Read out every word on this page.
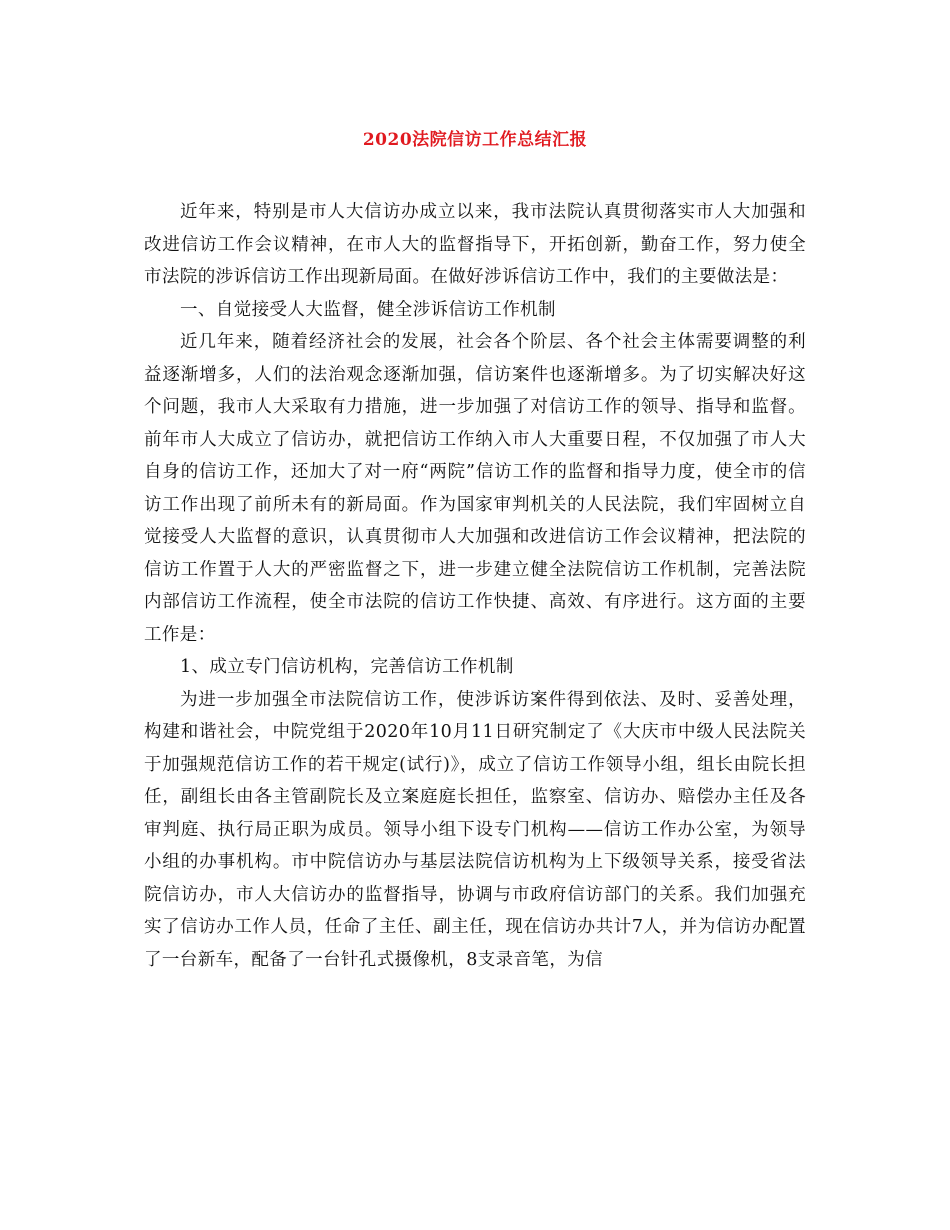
2020法院信访工作总结汇报

近年来，特别是市人大信访办成立以来，我市法院认真贯彻落实市人大加强和改进信访工作会议精神，在市人大的监督指导下，开拓创新，勤奋工作，努力使全市法院的涉诉信访工作出现新局面。在做好涉诉信访工作中，我们的主要做法是：

一、自觉接受人大监督，健全涉诉信访工作机制

近几年来，随着经济社会的发展，社会各个阶层、各个社会主体需要调整的利益逐渐增多，人们的法治观念逐渐加强，信访案件也逐渐增多。为了切实解决好这个问题，我市人大采取有力措施，进一步加强了对信访工作的领导、指导和监督。前年市人大成立了信访办，就把信访工作纳入市人大重要日程，不仅加强了市人大自身的信访工作，还加大了对一府“两院”信访工作的监督和指导力度，使全市的信访工作出现了前所未有的新局面。作为国家审判机关的人民法院，我们牢固树立自觉接受人大监督的意识，认真贯彻市人大加强和改进信访工作会议精神，把法院的信访工作置于人大的严密监督之下，进一步建立健全法院信访工作机制，完善法院内部信访工作流程，使全市法院的信访工作快捷、高效、有序进行。这方面的主要工作是：

1、成立专门信访机构，完善信访工作机制

为进一步加强全市法院信访工作，使涉诉访案件得到依法、及时、妥善处理，构建和谐社会，中院党组于2020年10月11日研究制定了《大庆市中级人民法院关于加强规范信访工作的若干规定(试行)》，成立了信访工作领导小组，组长由院长担任，副组长由各主管副院长及立案庭庭长担任，监察室、信访办、赔偿办主任及各审判庭、执行局正职为成员。领导小组下设专门机构——信访工作办公室，为领导小组的办事机构。市中院信访办与基层法院信访机构为上下级领导关系，接受省法院信访办，市人大信访办的监督指导，协调与市政府信访部门的关系。我们加强充实了信访办工作人员，任命了主任、副主任，现在信访办共计7人，并为信访办配置了一台新车，配备了一台针孔式摄像机，8支录音笔，为信
